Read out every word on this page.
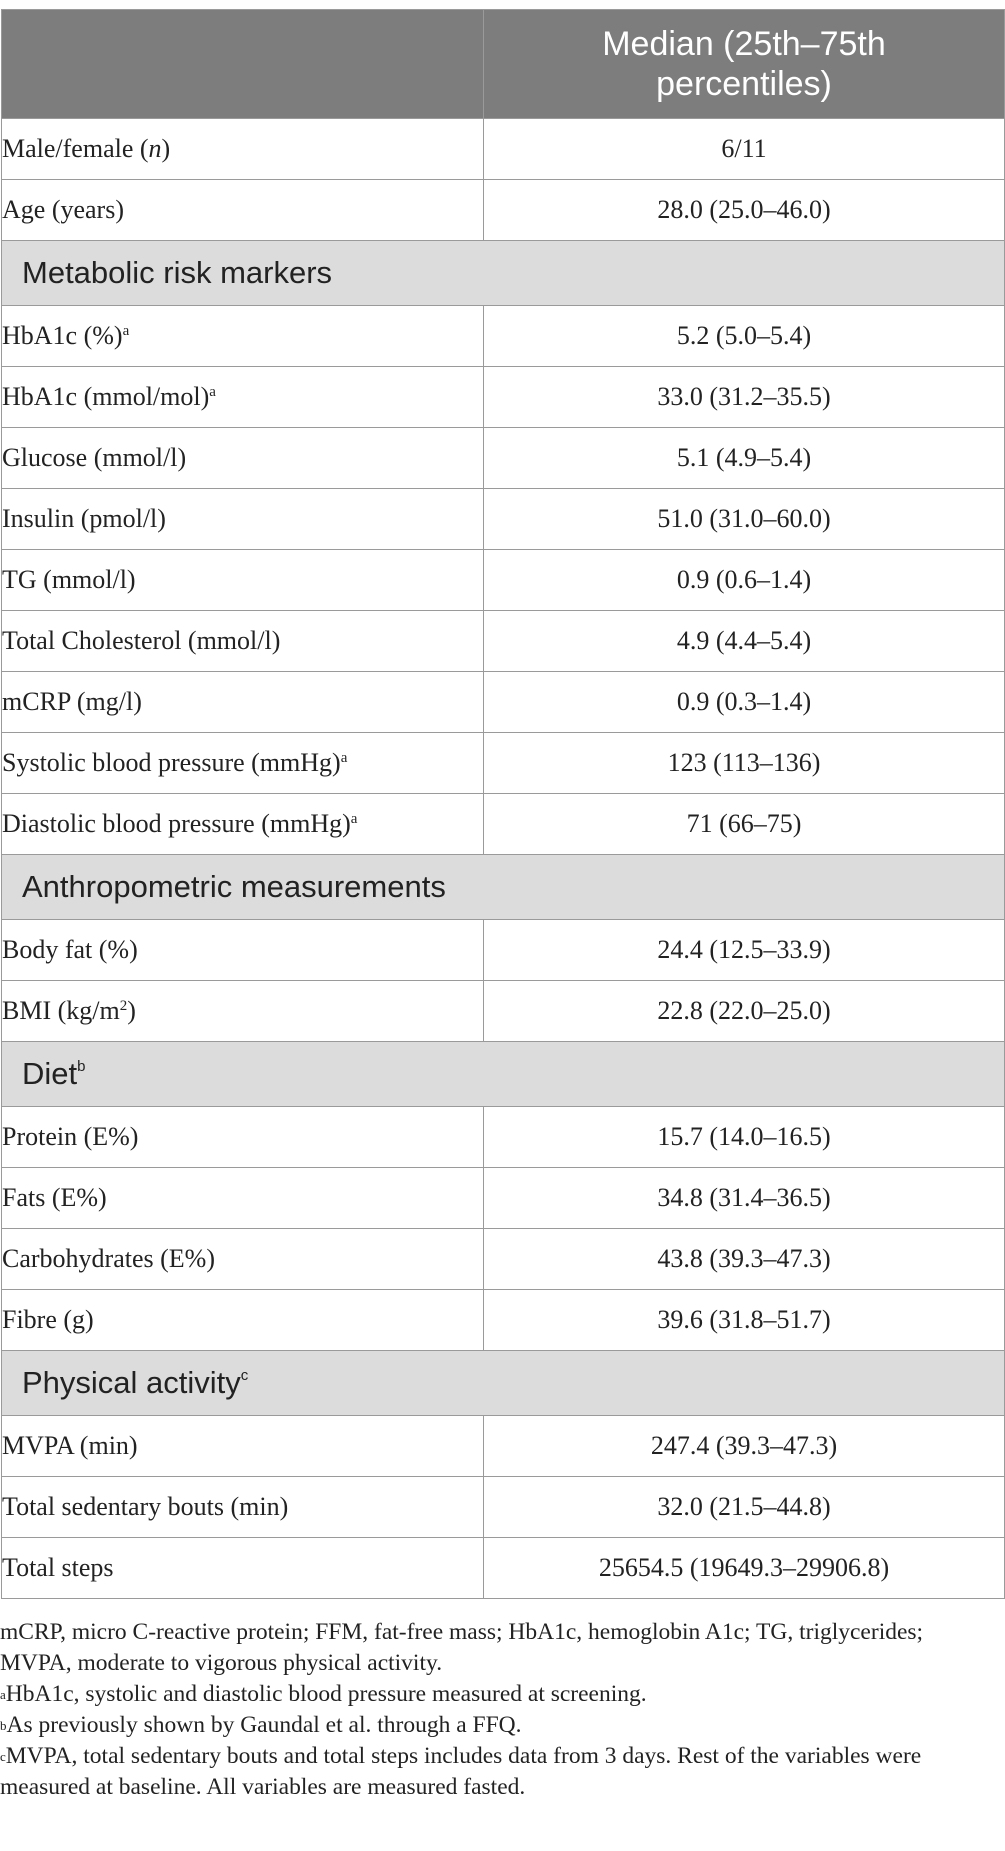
	Median (25th–75th percentiles)
Male/female (n)	6/11
Age (years)	28.0 (25.0–46.0)
Metabolic risk markers	
HbA1c (%)$^a$	5.2 (5.0–5.4)
HbA1c (mmol/mol)$^a$	33.0 (31.2–35.5)
Glucose (mmol/l)	5.1 (4.9–5.4)
Insulin (pmol/l)	51.0 (31.0–60.0)
TG (mmol/l)	0.9 (0.6–1.4)
Total Cholesterol (mmol/l)	4.9 (4.4–5.4)
mCRP (mg/l)	0.9 (0.3–1.4)
Systolic blood pressure (mmHg)$^a$	123 (113–136)
Diastolic blood pressure (mmHg)$^a$	71 (66–75)
Anthropometric measurements	
Body fat (%)	24.4 (12.5–33.9)
BMI $(kg/m^2)$	22.8 (22.0–25.0)
Diet$^b$
Protein (E%)	15.7 (14.0–16.5)
Fats (E%)	34.8 (31.4–36.5)
Carbohydrates (E%)	43.8 (39.3–47.3)
Fibre (g)	39.6 (31.8–51.7)
Physical activity$^c$
MVPA (min)	247.4 (39.3–47.3)
Total sedentary bouts (min)	32.0 (21.5–44.8)
Total steps	25654.5 (19649.3–29906.8)

mCRP, micro C-reactive protein; FFM, fat-free mass; HbA1c, hemoglobin A1c; TG, triglycerides; MVPA, moderate to vigorous physical activity.

$^a$HbA1c, systolic and diastolic blood pressure measured at screening.

$^b$As previously shown by Gaundal et al. through a FFQ.

$^c$MVPA, total sedentary bouts and total steps includes data from 3 days. Rest of the variables were measured at baseline. All variables are measured fasted.
